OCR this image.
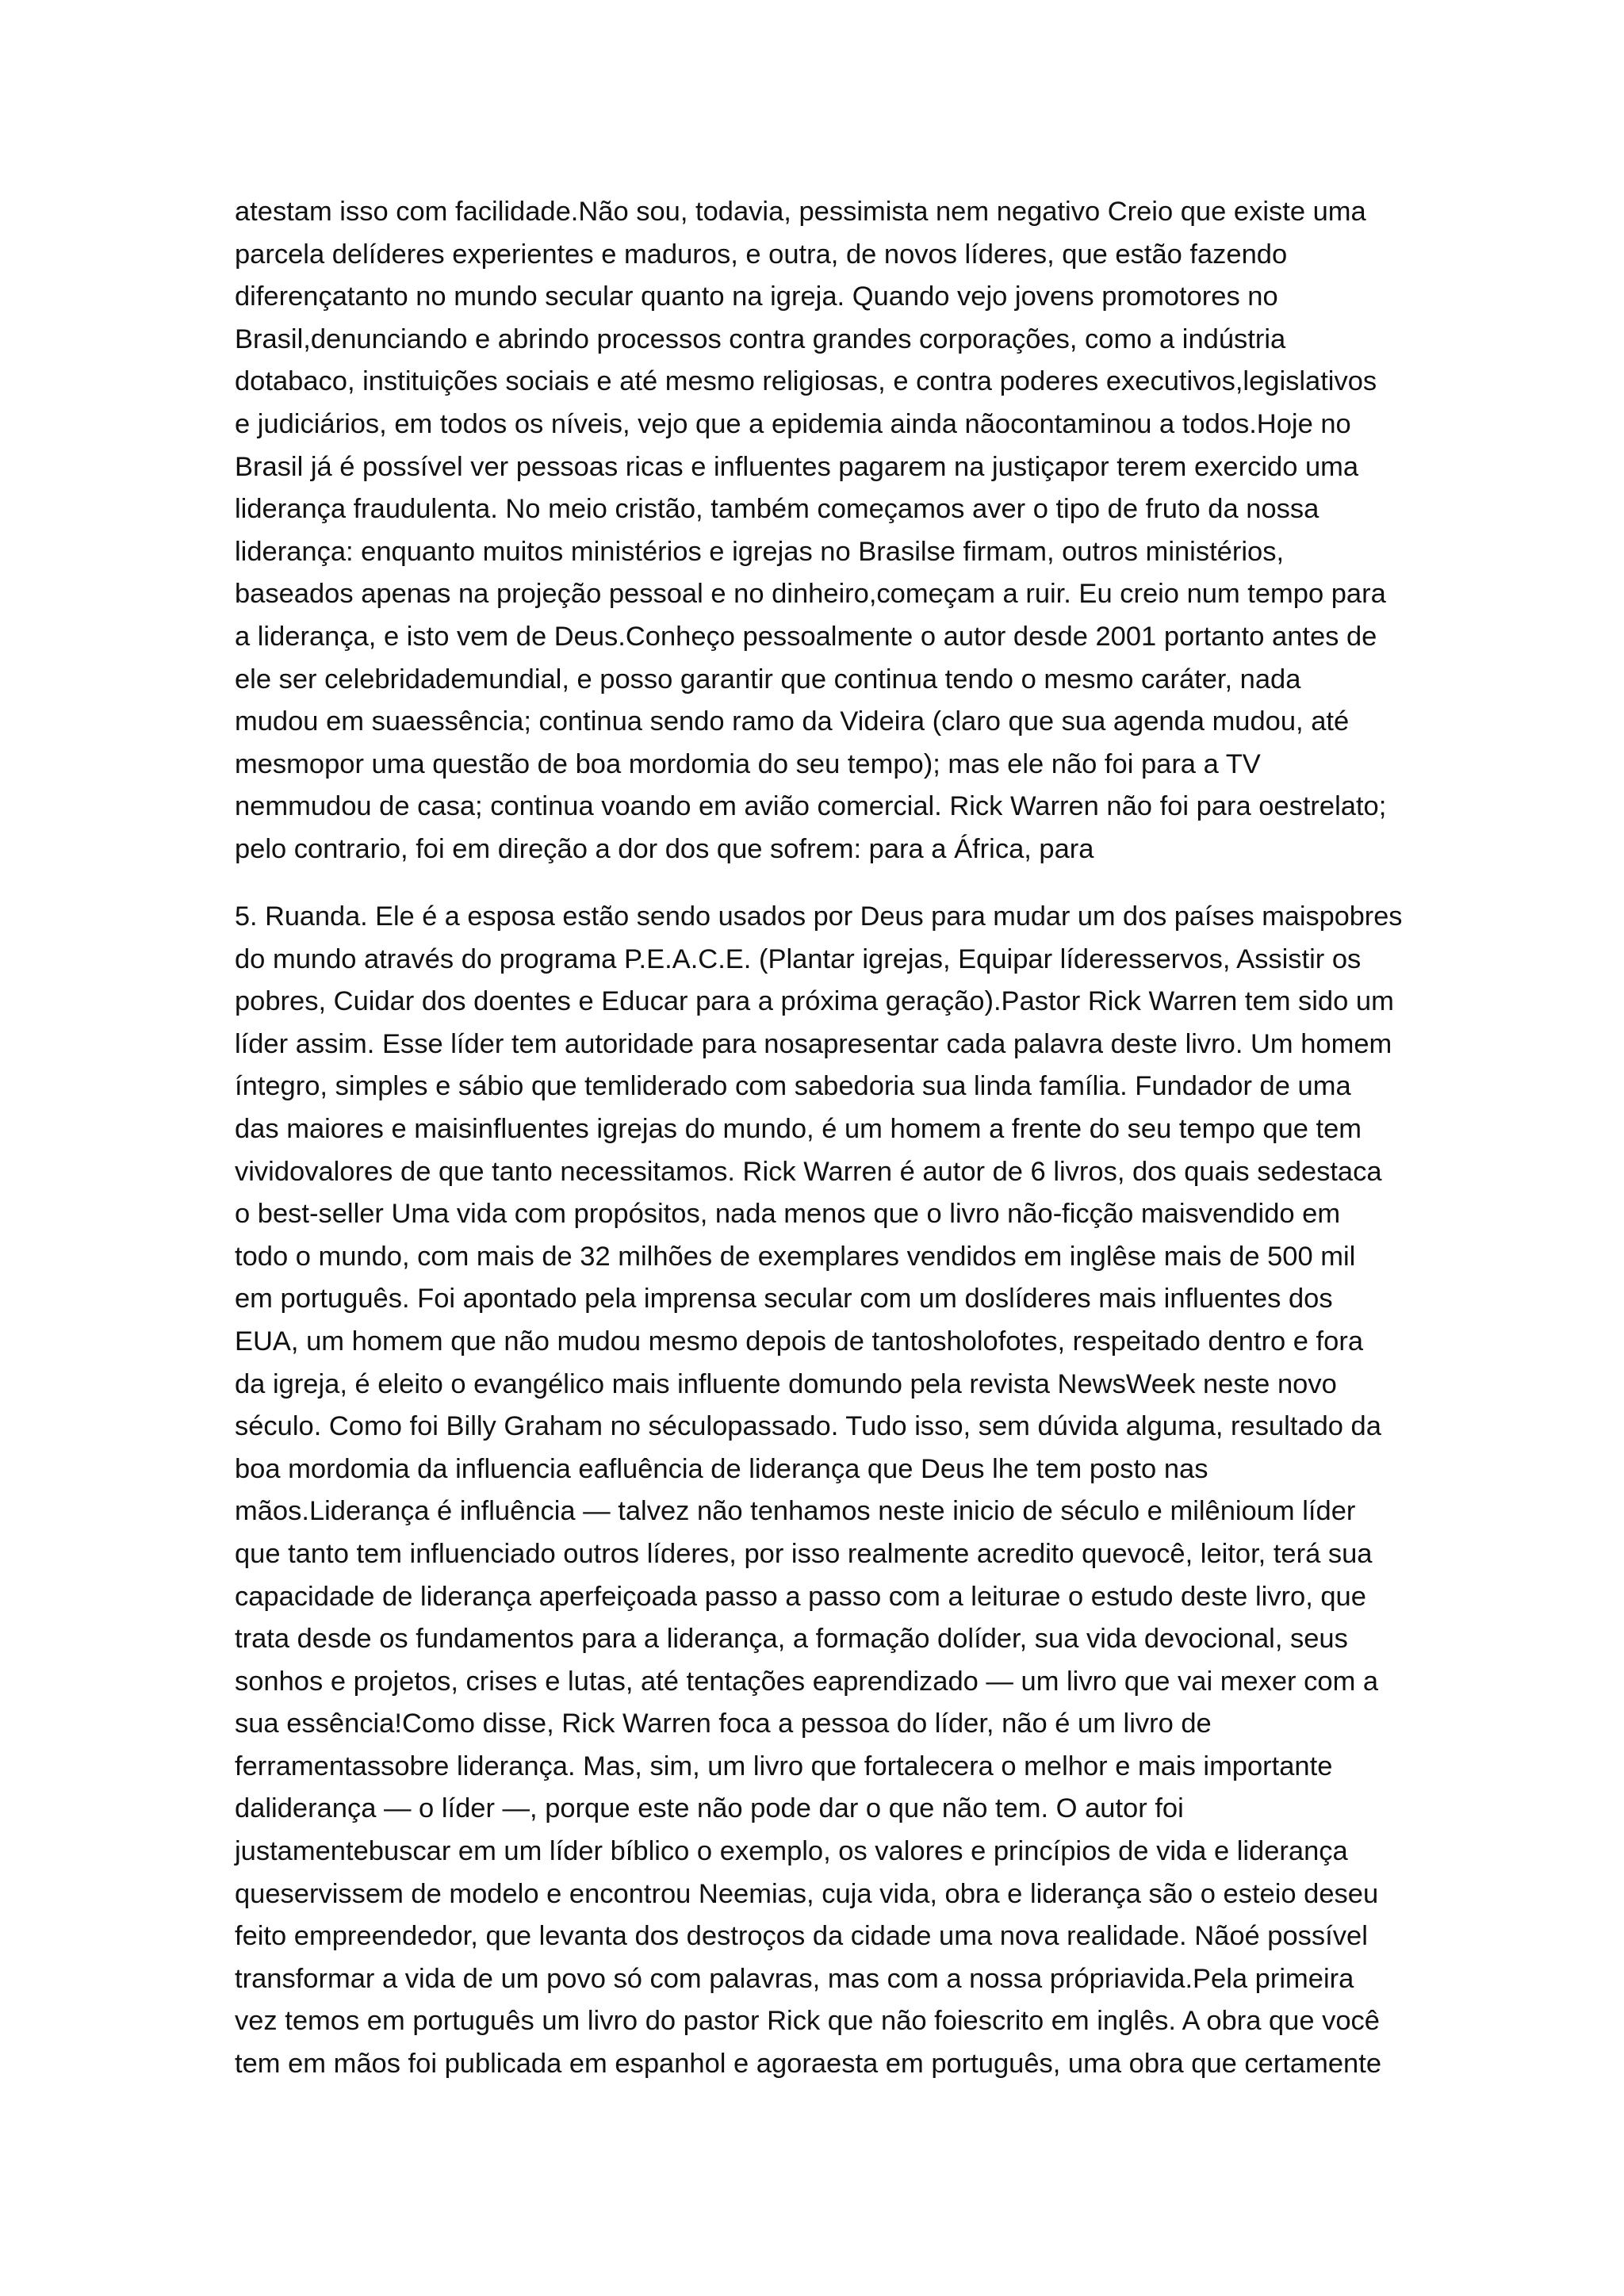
atestam isso com facilidade.Não sou, todavia, pessimista nem negativo Creio que existe uma
parcela delíderes experientes e maduros, e outra, de novos líderes, que estão fazendo
diferençatanto no mundo secular quanto na igreja. Quando vejo jovens promotores no
Brasil,denunciando e abrindo processos contra grandes corporações, como a indústria
dotabaco, instituições sociais e até mesmo religiosas, e contra poderes executivos,legislativos
e judiciários, em todos os níveis, vejo que a epidemia ainda nãocontaminou a todos.Hoje no
Brasil já é possível ver pessoas ricas e influentes pagarem na justiçapor terem exercido uma
liderança fraudulenta. No meio cristão, também começamos aver o tipo de fruto da nossa
liderança: enquanto muitos ministérios e igrejas no Brasilse firmam, outros ministérios,
baseados apenas na projeção pessoal e no dinheiro,começam a ruir. Eu creio num tempo para
a liderança, e isto vem de Deus.Conheço pessoalmente o autor desde 2001 portanto antes de
ele ser celebridademundial, e posso garantir que continua tendo o mesmo caráter, nada
mudou em suaessência; continua sendo ramo da Videira (claro que sua agenda mudou, até
mesmopor uma questão de boa mordomia do seu tempo); mas ele não foi para a TV
nemmudou de casa; continua voando em avião comercial. Rick Warren não foi para oestrelato;
pelo contrario, foi em direção a dor dos que sofrem: para a África, para
5. Ruanda. Ele é a esposa estão sendo usados por Deus para mudar um dos países maispobres
do mundo através do programa P.E.A.C.E. (Plantar igrejas, Equipar líderesservos, Assistir os
pobres, Cuidar dos doentes e Educar para a próxima geração).Pastor Rick Warren tem sido um
líder assim. Esse líder tem autoridade para nosapresentar cada palavra deste livro. Um homem
íntegro, simples e sábio que temliderado com sabedoria sua linda família. Fundador de uma
das maiores e maisinfluentes igrejas do mundo, é um homem a frente do seu tempo que tem
vividovalores de que tanto necessitamos. Rick Warren é autor de 6 livros, dos quais sedestaca
o best-seller Uma vida com propósitos, nada menos que o livro não-ficção maisvendido em
todo o mundo, com mais de 32 milhões de exemplares vendidos em inglêse mais de 500 mil
em português. Foi apontado pela imprensa secular com um doslíderes mais influentes dos
EUA, um homem que não mudou mesmo depois de tantosholofotes, respeitado dentro e fora
da igreja, é eleito o evangélico mais influente domundo pela revista NewsWeek neste novo
século. Como foi Billy Graham no séculopassado. Tudo isso, sem dúvida alguma, resultado da
boa mordomia da influencia eafluência de liderança que Deus lhe tem posto nas
mãos.Liderança é influência — talvez não tenhamos neste inicio de século e milênioum líder
que tanto tem influenciado outros líderes, por isso realmente acredito quevocê, leitor, terá sua
capacidade de liderança aperfeiçoada passo a passo com a leiturae o estudo deste livro, que
trata desde os fundamentos para a liderança, a formação dolíder, sua vida devocional, seus
sonhos e projetos, crises e lutas, até tentações eaprendizado — um livro que vai mexer com a
sua essência!Como disse, Rick Warren foca a pessoa do líder, não é um livro de
ferramentassobre liderança. Mas, sim, um livro que fortalecera o melhor e mais importante
daliderança — o líder —, porque este não pode dar o que não tem. O autor foi
justamentebuscar em um líder bíblico o exemplo, os valores e princípios de vida e liderança
queservissem de modelo e encontrou Neemias, cuja vida, obra e liderança são o esteio deseu
feito empreendedor, que levanta dos destroços da cidade uma nova realidade. Nãoé possível
transformar a vida de um povo só com palavras, mas com a nossa própriavida.Pela primeira
vez temos em português um livro do pastor Rick que não foiescrito em inglês. A obra que você
tem em mãos foi publicada em espanhol e agoraesta em português, uma obra que certamente
